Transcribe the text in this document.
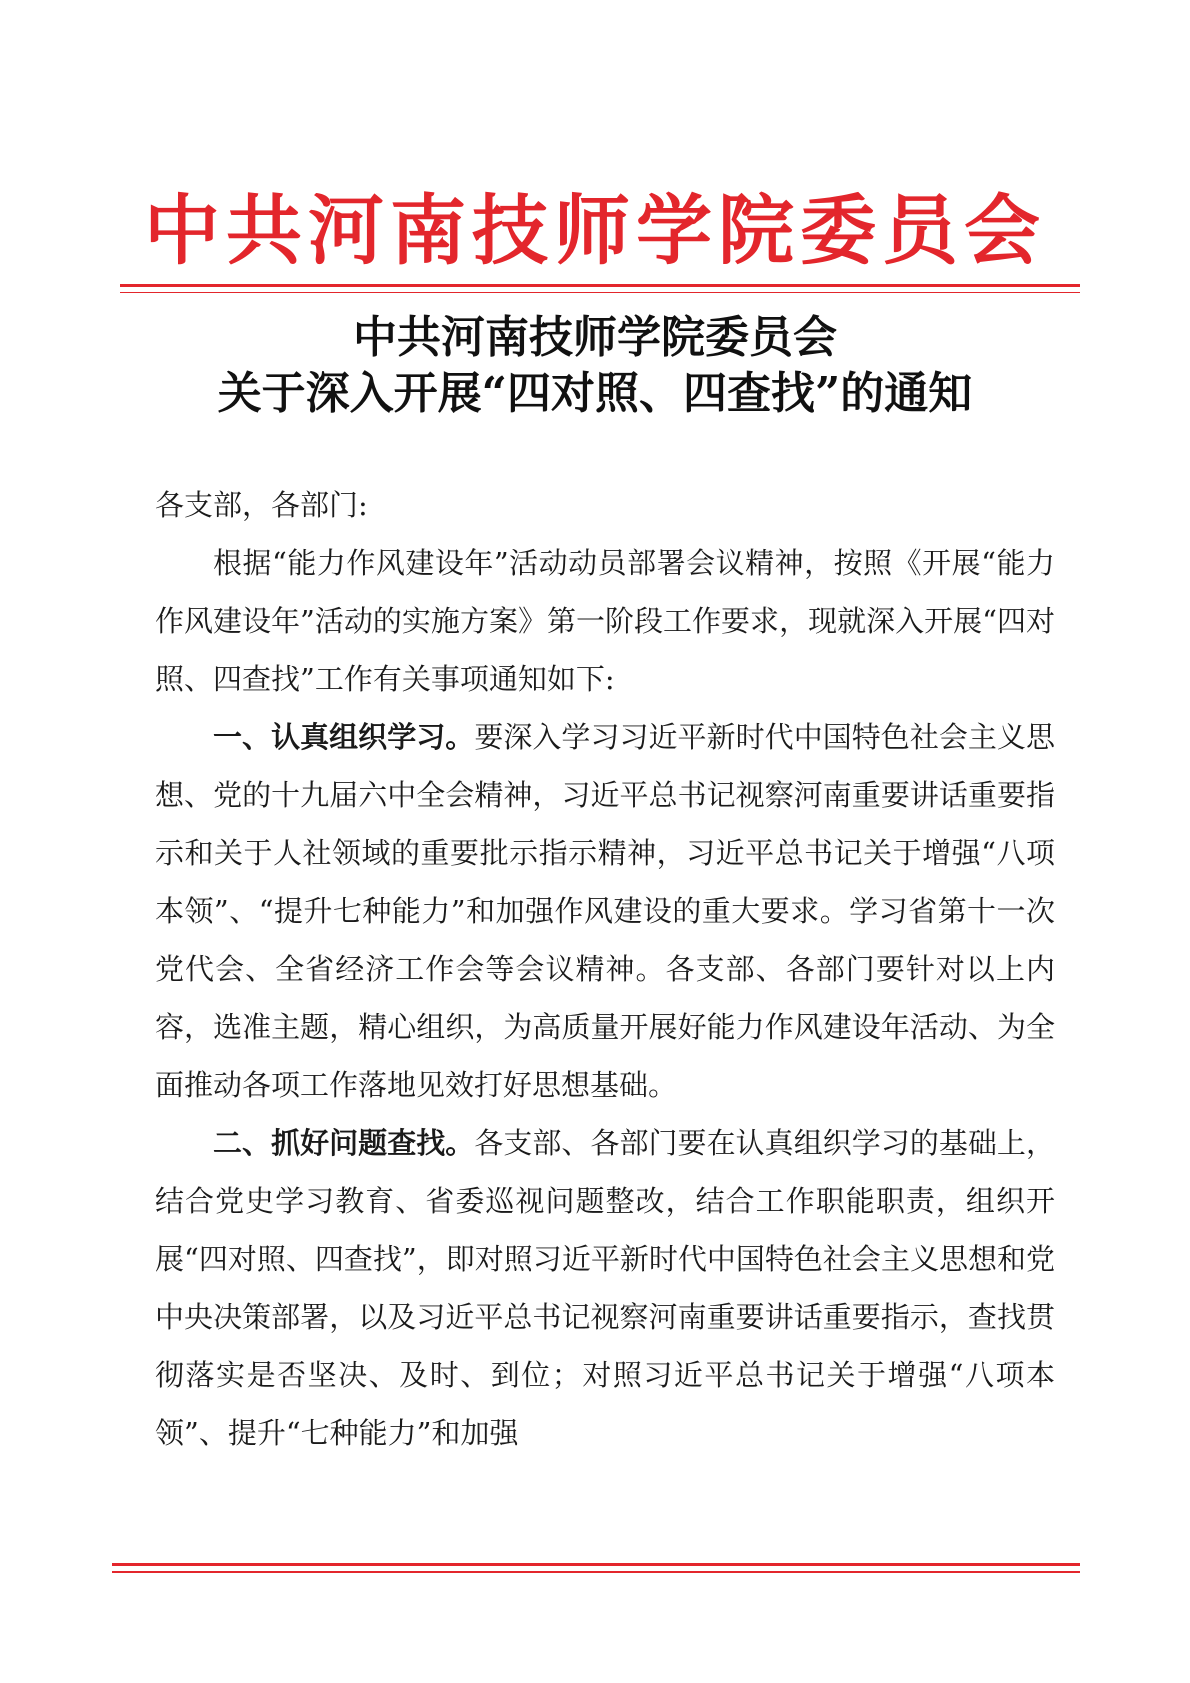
中共河南技师学院委员会
中共河南技师学院委员会
关于深入开展“四对照、四查找”的通知

各支部，各部门:

根据“能力作风建设年”活动动员部署会议精神，按照《开展“能力作风建设年”活动的实施方案》第一阶段工作要求，现就深入开展“四对照、四查找”工作有关事项通知如下:

一、认真组织学习。要深入学习习近平新时代中国特色社会主义思想、党的十九届六中全会精神，习近平总书记视察河南重要讲话重要指示和关于人社领域的重要批示指示精神，习近平总书记关于增强“八项本领”、“提升七种能力”和加强作风建设的重大要求。学习省第十一次党代会、全省经济工作会等会议精神。各支部、各部门要针对以上内容，选准主题，精心组织，为高质量开展好能力作风建设年活动、为全面推动各项工作落地见效打好思想基础。

二、抓好问题查找。各支部、各部门要在认真组织学习的基础上，结合党史学习教育、省委巡视问题整改，结合工作职能职责，组织开展“四对照、四查找”，即对照习近平新时代中国特色社会主义思想和党中央决策部署，以及习近平总书记视察河南重要讲话重要指示，查找贯彻落实是否坚决、及时、到位；对照习近平总书记关于增强“八项本领”、提升“七种能力”和加强
